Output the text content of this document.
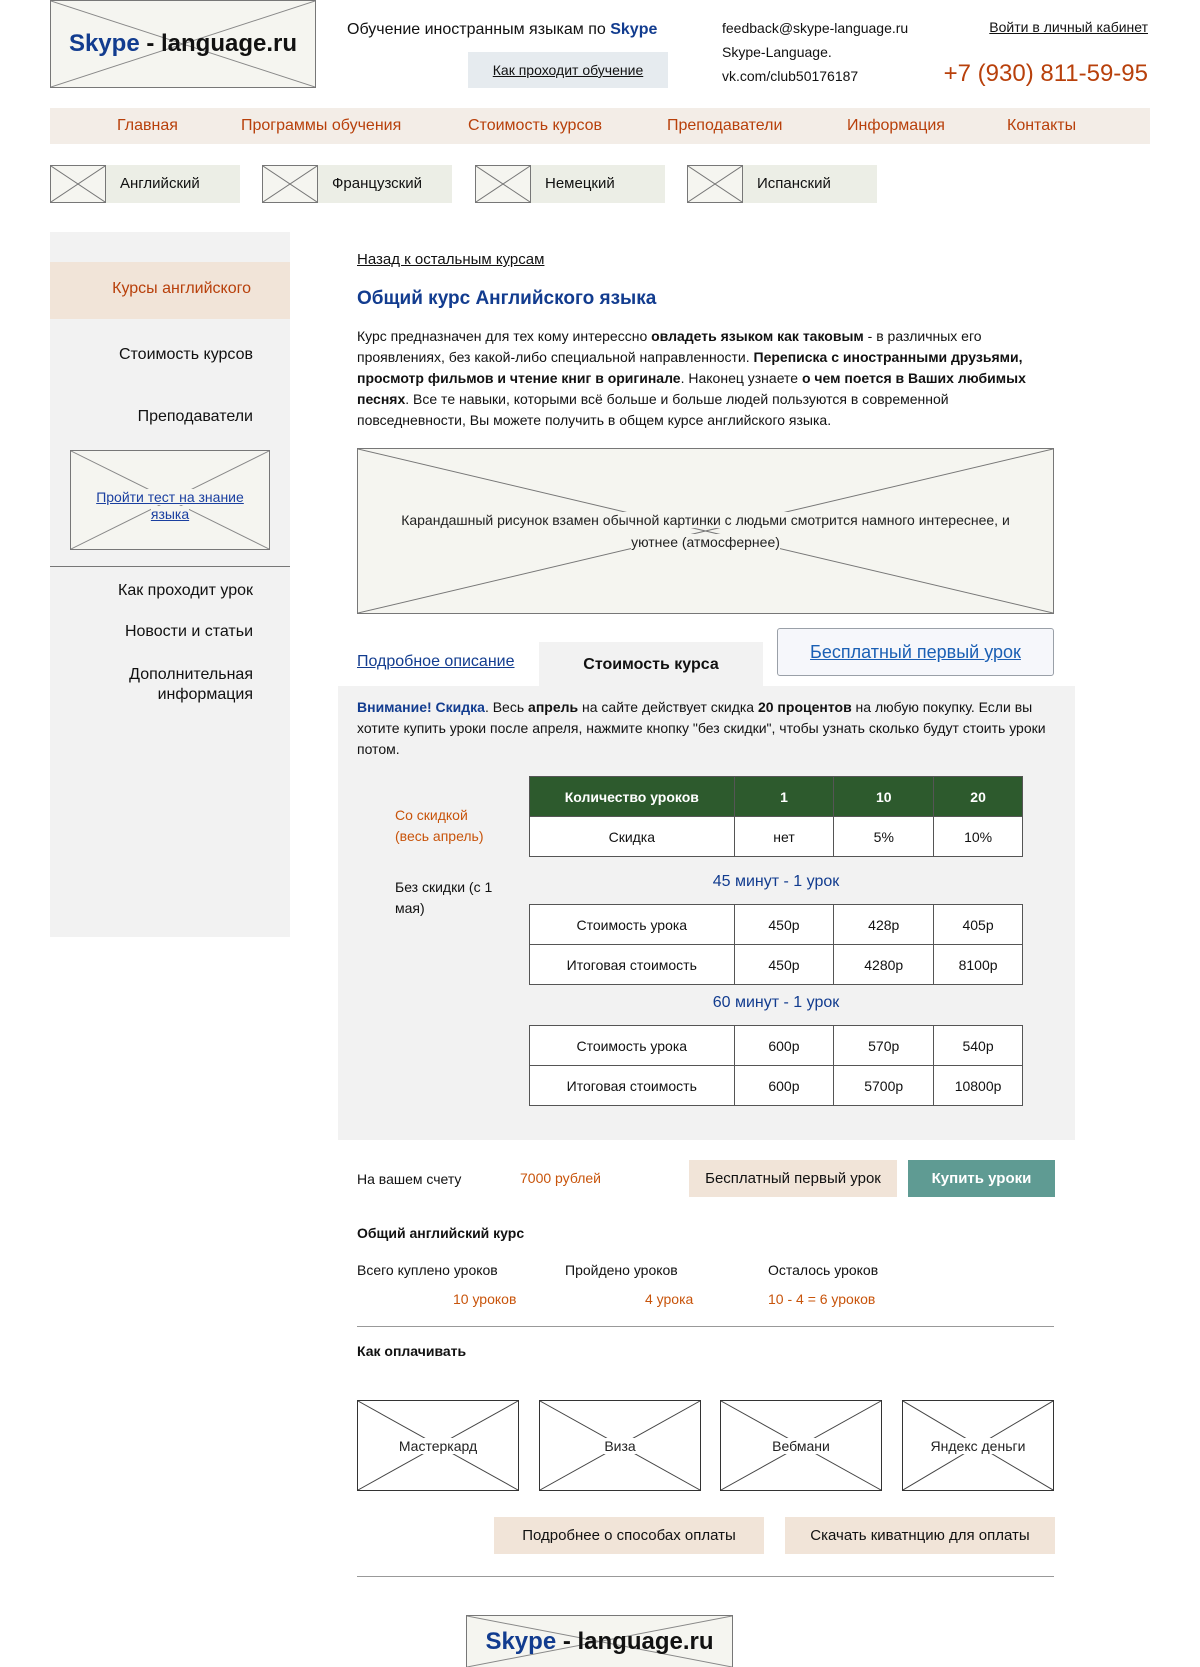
Skype - language.ru
Обучение иностранным языкам по Skype
Как проходит обучение
feedback@skype-language.ru
Skype-Language.
vk.com/club50176187
Войти в личный кабинет
+7 (930) 811-59-95
Главная	Программы обучения	Стоимость курсов	Преподаватели	Информация	Контакты
Английский	Французский	Немецкий	Испанский
Курсы английского
Стоимость курсов
Преподаватели
Пройти тест на знание языка
Как проходит урок
Новости и статьи
Дополнительная информация
Назад к остальным курсам
Общий курс Английского языка
Курс предназначен для тех кому интерессно овладеть языком как таковым - в различных его проявлениях, без какой-либо специальной направленности. Переписка с иностранными друзьями, просмотр фильмов и чтение книг в оригинале. Наконец узнаете о чем поется в Ваших любимых песнях. Все те навыки, которыми всё больше и больше людей пользуются в современной повседневности, Вы можете получить в общем курсе английского языка.
Карандашный рисунок взамен обычной картинки с людьми смотрится намного интереснее, и уютнее (атмосфернее)
Подробное описание	Стоимость курса
Бесплатный первый урок
Внимание! Скидка. Весь апрель на сайте действует скидка 20 процентов на любую покупку. Если вы хотите купить уроки после апреля, нажмите кнопку "без скидки", чтобы узнать сколько будут стоить уроки потом.
Со скидкой (весь апрель)
Без скидки (с 1 мая)
Количество уроков	1	10	20
Скидка	нет	5%	10%
45 минут - 1 урок
Стоимость урока	450р	428р	405р
Итоговая стоимость	450р	4280р	8100р
60 минут - 1 урок
Стоимость урока	600р	570р	540р
Итоговая стоимость	600р	5700р	10800р
На вашем счету	7000 рублей	Бесплатный первый урок	Купить уроки
Общий английский курс
Всего куплено уроков	Пройдено уроков	Осталось уроков
10 уроков	4 урока	10 - 4 = 6 уроков
Как оплачивать
Мастеркард	Виза	Вебмани	Яндекс деньги
Подробнее о способах оплаты	Скачать киватнцию для оплаты
Skype - language.ru
